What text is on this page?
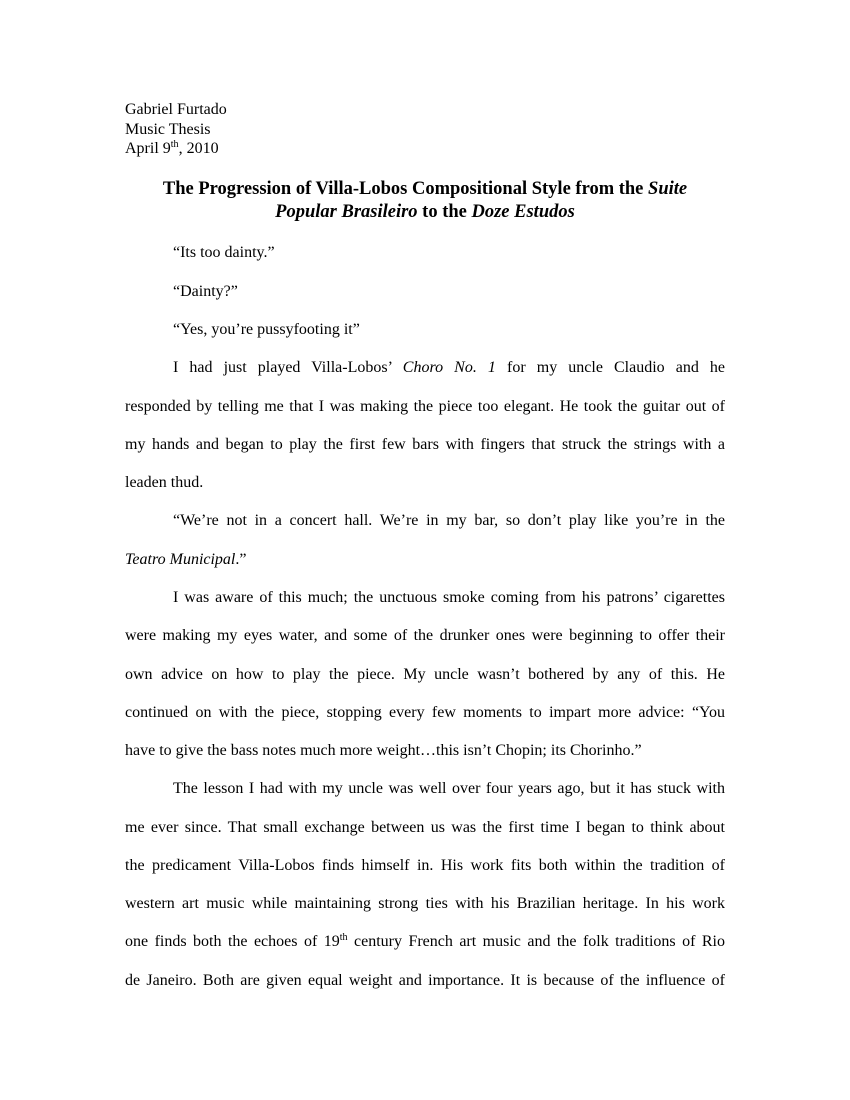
Gabriel Furtado
Music Thesis
April 9th, 2010
The Progression of Villa-Lobos Compositional Style from the Suite
Popular Brasileiro to the Doze Estudos
“Its too dainty.”
“Dainty?”
“Yes, you’re pussyfooting it”
I had just played Villa-Lobos’ Choro No. 1 for my uncle Claudio and he
responded by telling me that I was making the piece too elegant. He took the guitar out of
my hands and began to play the first few bars with fingers that struck the strings with a
leaden thud.
“We’re not in a concert hall. We’re in my bar, so don’t play like you’re in the
Teatro Municipal.”
I was aware of this much; the unctuous smoke coming from his patrons’ cigarettes
were making my eyes water, and some of the drunker ones were beginning to offer their
own advice on how to play the piece. My uncle wasn’t bothered by any of this. He
continued on with the piece, stopping every few moments to impart more advice: “You
have to give the bass notes much more weight…this isn’t Chopin; its Chorinho.”
The lesson I had with my uncle was well over four years ago, but it has stuck with
me ever since. That small exchange between us was the first time I began to think about
the predicament Villa-Lobos finds himself in. His work fits both within the tradition of
western art music while maintaining strong ties with his Brazilian heritage. In his work
one finds both the echoes of 19th century French art music and the folk traditions of Rio
de Janeiro. Both are given equal weight and importance. It is because of the influence of
